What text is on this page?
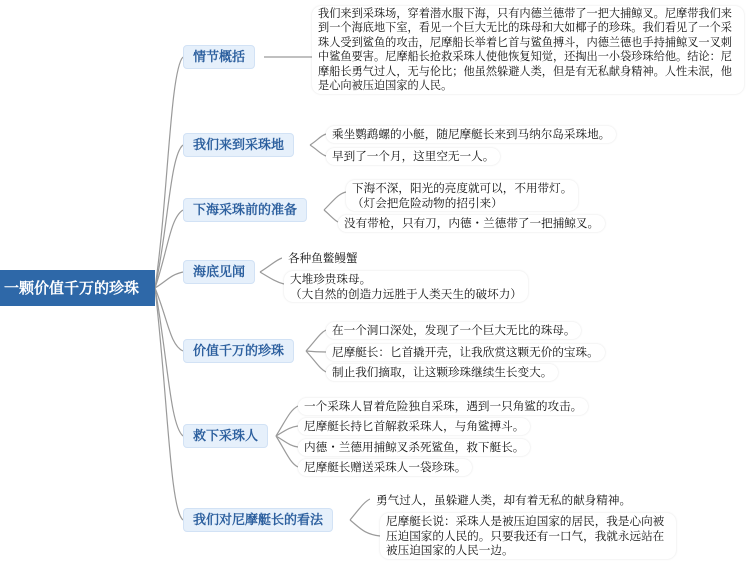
一颗价值千万的珍珠
情节概括
我们来到采珠场，穿着潜水服下海，只有内德兰德带了一把大捕鲸叉。尼摩带我们来到一个海底地下室，看见一个巨大无比的珠母和大如椰子的珍珠。我们看见了一个采珠人受到鲨鱼的攻击，尼摩船长举着匕首与鲨鱼搏斗，内德兰德也手持捕鲸叉一叉刺中鲨鱼要害。尼摩船长抢救采珠人使他恢复知觉，还掏出一小袋珍珠给他。结论：尼摩船长勇气过人，无与伦比；他虽然躲避人类，但是有无私献身精神。人性未泯，他是心向被压迫国家的人民。
我们来到采珠地
乘坐鹦鹉螺的小艇，随尼摩艇长来到马纳尔岛采珠地。
早到了一个月，这里空无一人。
下海采珠前的准备
下海不深，阳光的亮度就可以，不用带灯。
（灯会把危险动物的招引来）
没有带枪，只有刀，内德・兰德带了一把捕鲸叉。
海底见闻
各种鱼鳖鳗蟹
大堆珍贵珠母。
（大自然的创造力远胜于人类天生的破坏力）
价值千万的珍珠
在一个洞口深处，发现了一个巨大无比的珠母。
尼摩艇长：匕首撬开壳，让我欣赏这颗无价的宝珠。
制止我们摘取，让这颗珍珠继续生长变大。
救下采珠人
一个采珠人冒着危险独自采珠，遇到一只角鲨的攻击。
尼摩艇长持匕首解救采珠人，与角鲨搏斗。
内德・兰德用捕鲸叉杀死鲨鱼，救下艇长。
尼摩艇长赠送采珠人一袋珍珠。
我们对尼摩艇长的看法
勇气过人，虽躲避人类，却有着无私的献身精神。
尼摩艇长说：采珠人是被压迫国家的居民，我是心向被压迫国家的人民的。只要我还有一口气，我就永远站在被压迫国家的人民一边。
